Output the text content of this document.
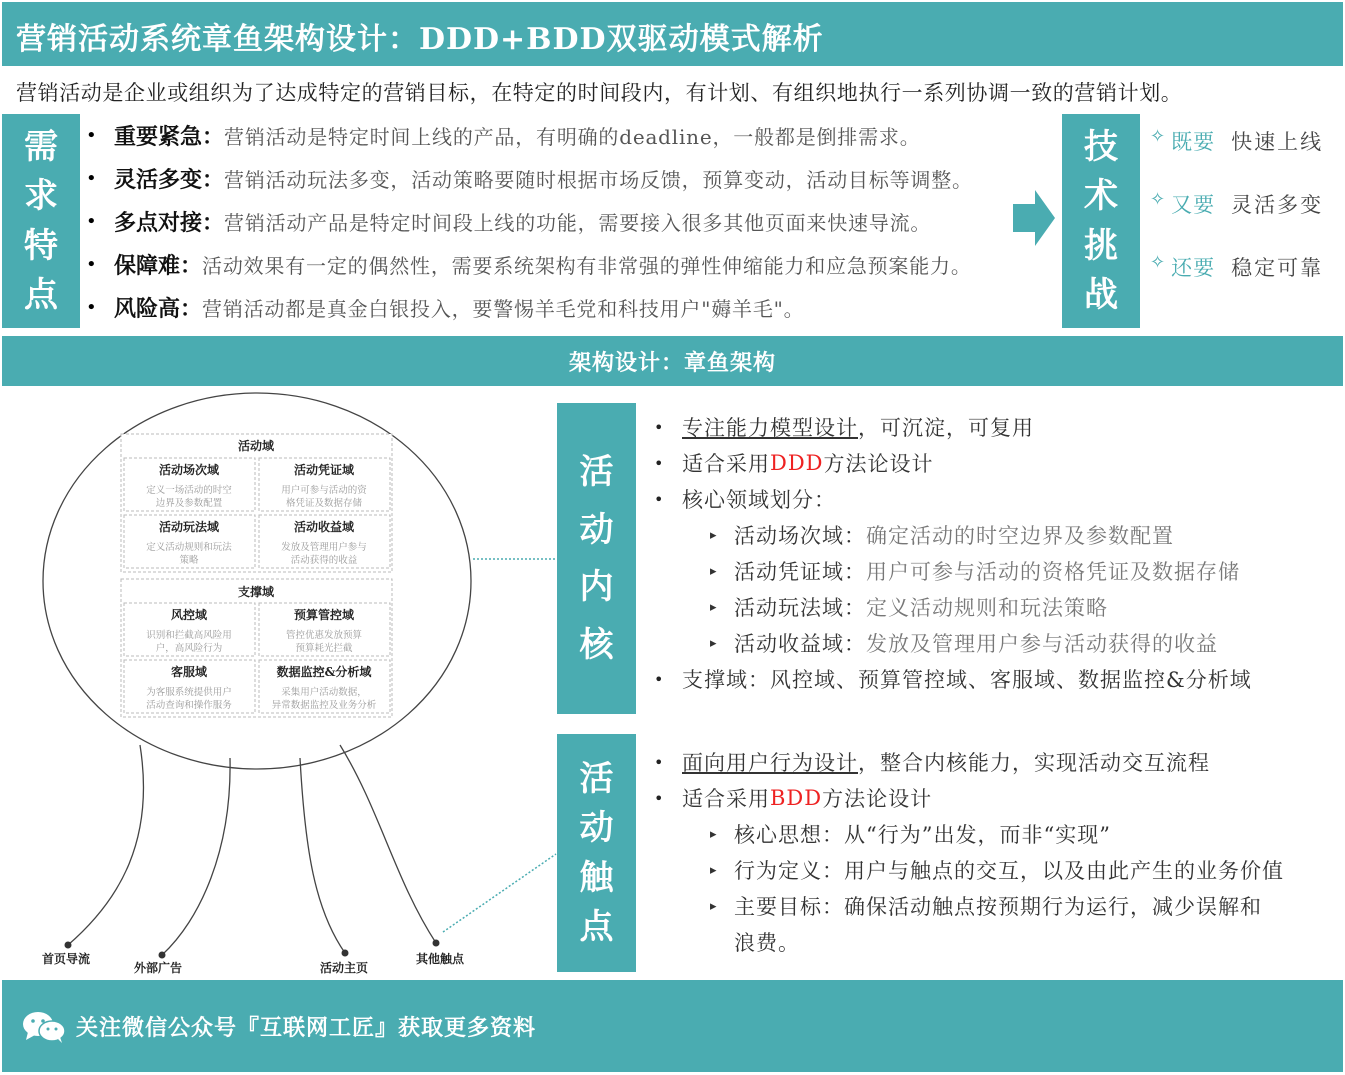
营销活动系统章鱼架构设计：DDD+BDD双驱动模式解析
营销活动是企业或组织为了达成特定的营销目标，在特定的时间段内，有计划、有组织地执行一系列协调一致的营销计划。
需
求
特
点
• 重要紧急： 营销活动是特定时间上线的产品，有明确的deadline，一般都是倒排需求。
• 灵活多变： 营销活动玩法多变，活动策略要随时根据市场反馈，预算变动，活动目标等调整。
• 多点对接： 营销活动产品是特定时间段上线的功能，需要接入很多其他页面来快速导流。
• 保障难： 活动效果有一定的偶然性，需要系统架构有非常强的弹性伸缩能力和应急预案能力。
• 风险高： 营销活动都是真金白银投入，要警惕羊毛党和科技用户"薅羊毛"。
技
术
挑
战
✧ 既要 快速上线
✧ 又要 灵活多变
✧ 还要 稳定可靠
架构设计：章鱼架构
首页导流
外部广告	活动主页
其他触点
活动域
活动场次域
定义一场活动的时空
边界及参数配置
活动凭证域
用户可参与活动的资
格凭证及数据存储
活动玩法域
定义活动规则和玩法
策略
活动收益域
发放及管理用户参与
活动获得的收益
支撑域
风控域
识别和拦截高风险用
户，高风险行为
预算管控域
管控优惠发放预算
预算耗光拦截
客服域
为客服系统提供用户
活动查询和操作服务
数据监控&分析域
采集用户活动数据，
异常数据监控及业务分析
活
动
内
核
• 专注能力模型设计 ，可沉淀，可复用
• 适合采用 DDD 方法论设计
• 核心领域划分：
▸ 活动场次域： 确定活动的时空边界及参数配置
▸ 活动凭证域： 用户可参与活动的资格凭证及数据存储
▸ 活动玩法域： 定义活动规则和玩法策略
▸ 活动收益域： 发放及管理用户参与活动获得的收益
• 支撑域：风控域、预算管控域、客服域、数据监控&分析域
活
动
触
点
• 面向用户行为设计 ，整合内核能力，实现活动交互流程
• 适合采用 BDD 方法论设计
▸ 核心思想：从“行为”出发，而非“实现”
▸ 行为定义：用户与触点的交互，以及由此产生的业务价值
▸ 主要目标：确保活动触点按预期行为运行，减少误解和
浪费。
关注微信公众号『互联网工匠』获取更多资料
